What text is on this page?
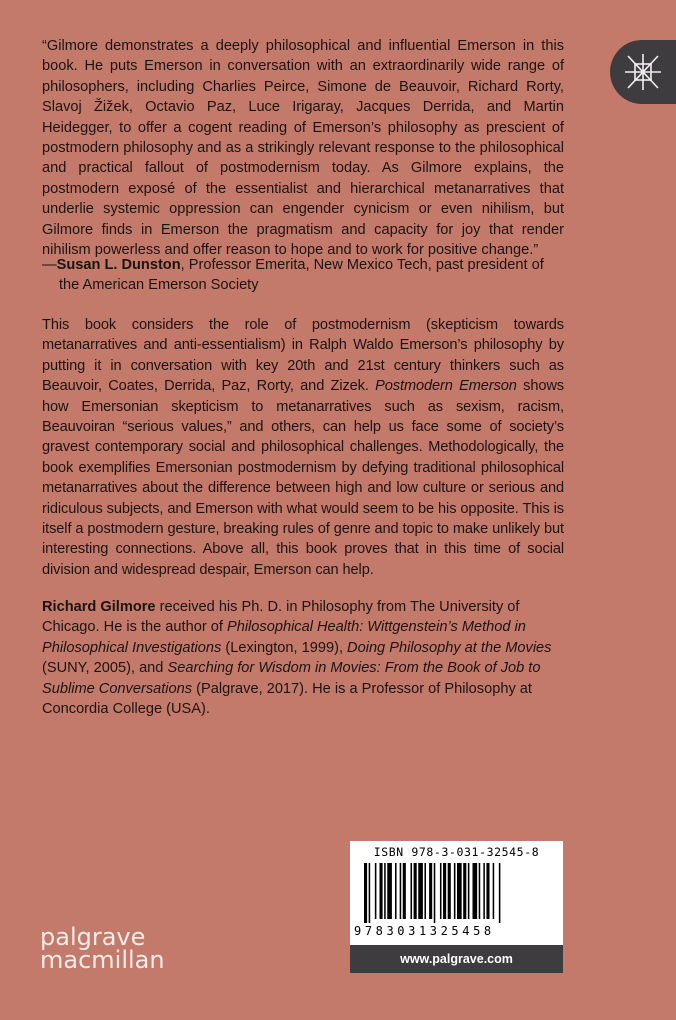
“Gilmore demonstrates a deeply philosophical and influential Emerson in this book. He puts Emerson in conversation with an extraordinarily wide range of philosophers, including Charlies Peirce, Simone de Beauvoir, Richard Rorty, Slavoj Žižek, Octavio Paz, Luce Irigaray, Jacques Derrida, and Martin Heidegger, to offer a cogent reading of Emerson’s philosophy as prescient of postmodern philosophy and as a strikingly relevant response to the philosophical and practical fallout of postmodernism today. As Gilmore explains, the postmodern exposé of the essentialist and hierarchical metanarratives that underlie systemic oppression can engender cynicism or even nihilism, but Gilmore finds in Emerson the pragmatism and capacity for joy that render nihilism powerless and offer reason to hope and to work for positive change.”

—Susan L. Dunston, Professor Emerita, New Mexico Tech, past president of
the American Emerson Society

This book considers the role of postmodernism (skepticism towards metanarratives and anti-essentialism) in Ralph Waldo Emerson’s philosophy by putting it in conversation with key 20th and 21st century thinkers such as Beauvoir, Coates, Derrida, Paz, Rorty, and Zizek. Postmodern Emerson shows how Emersonian skepticism to metanarratives such as sexism, racism, Beauvoiran “serious values,” and others, can help us face some of society’s gravest contemporary social and philosophical challenges. Methodologically, the book exemplifies Emersonian postmodernism by defying traditional philosophical metanarratives about the difference between high and low culture or serious and ridiculous subjects, and Emerson with what would seem to be his opposite. This is itself a postmodern gesture, breaking rules of genre and topic to make unlikely but interesting connections. Above all, this book proves that in this time of social division and widespread despair, Emerson can help.

Richard Gilmore received his Ph. D. in Philosophy from The University of Chicago. He is the author of Philosophical Health: Wittgenstein’s Method in Philosophical Investigations (Lexington, 1999), Doing Philosophy at the Movies (SUNY, 2005), and Searching for Wisdom in Movies: From the Book of Job to Sublime Conversations (Palgrave, 2017). He is a Professor of Philosophy at Concordia College (USA).

palgrave
macmillan
ISBN 978-3-031-32545-8
9783031325458
www.palgrave.com
